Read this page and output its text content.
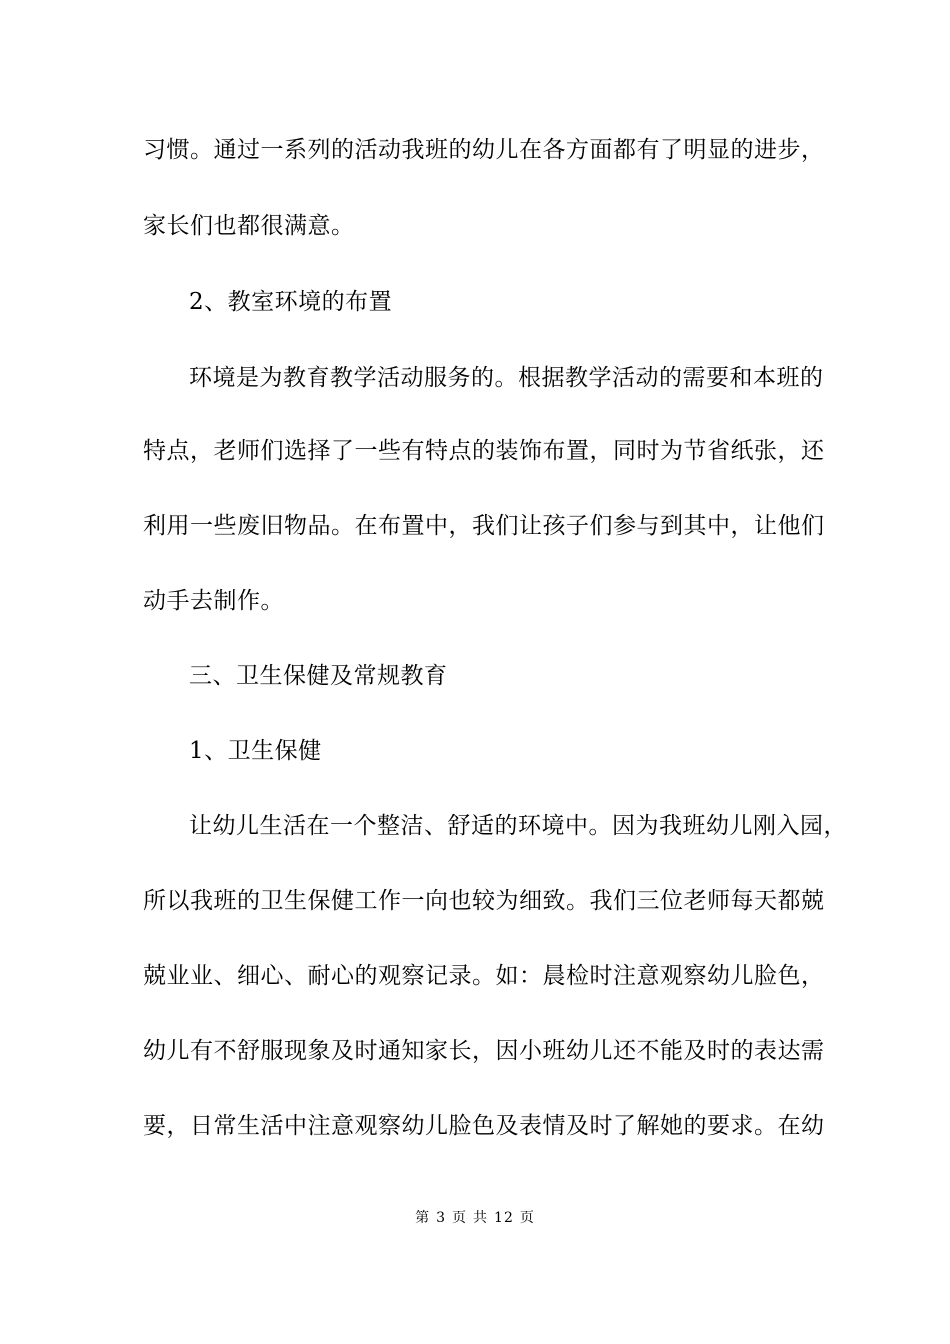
习惯。通过一系列的活动我班的幼儿在各方面都有了明显的进步，
家长们也都很满意。
2、教室环境的布置
环境是为教育教学活动服务的。根据教学活动的需要和本班的
特点，老师们选择了一些有特点的装饰布置，同时为节省纸张，还
利用一些废旧物品。在布置中，我们让孩子们参与到其中，让他们
动手去制作。
三、卫生保健及常规教育
1、卫生保健
让幼儿生活在一个整洁、舒适的环境中。因为我班幼儿刚入园，
所以我班的卫生保健工作一向也较为细致。我们三位老师每天都兢
兢业业、细心、耐心的观察记录。如：晨检时注意观察幼儿脸色，
幼儿有不舒服现象及时通知家长，因小班幼儿还不能及时的表达需
要，日常生活中注意观察幼儿脸色及表情及时了解她的要求。在幼
第 3 页 共 12 页
